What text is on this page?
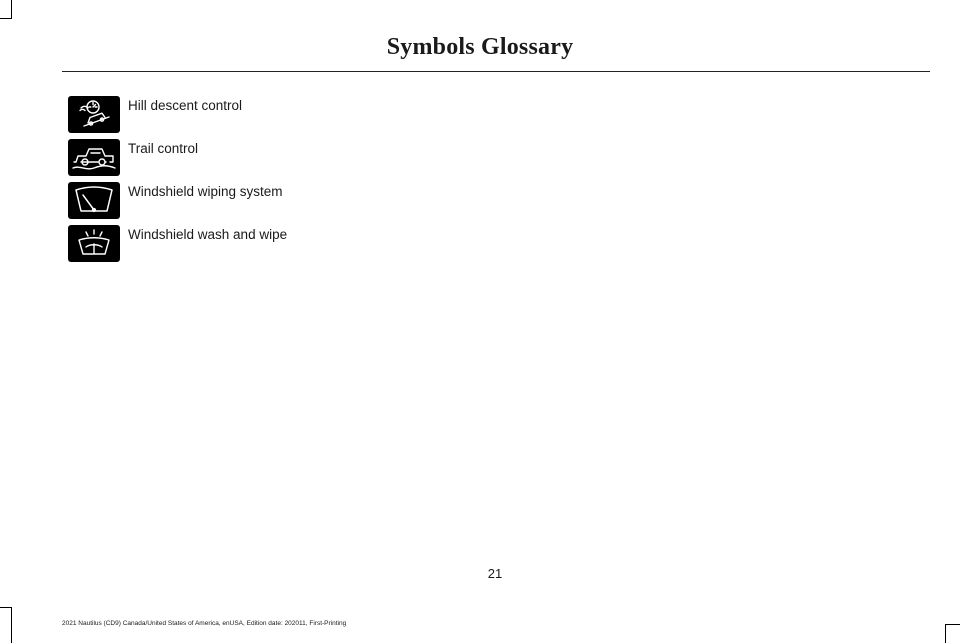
Symbols Glossary
Hill descent control
Trail control
Windshield wiping system
Windshield wash and wipe
21
2021 Nautilus (CD9) Canada/United States of America, enUSA, Edition date: 202011, First-Printing
